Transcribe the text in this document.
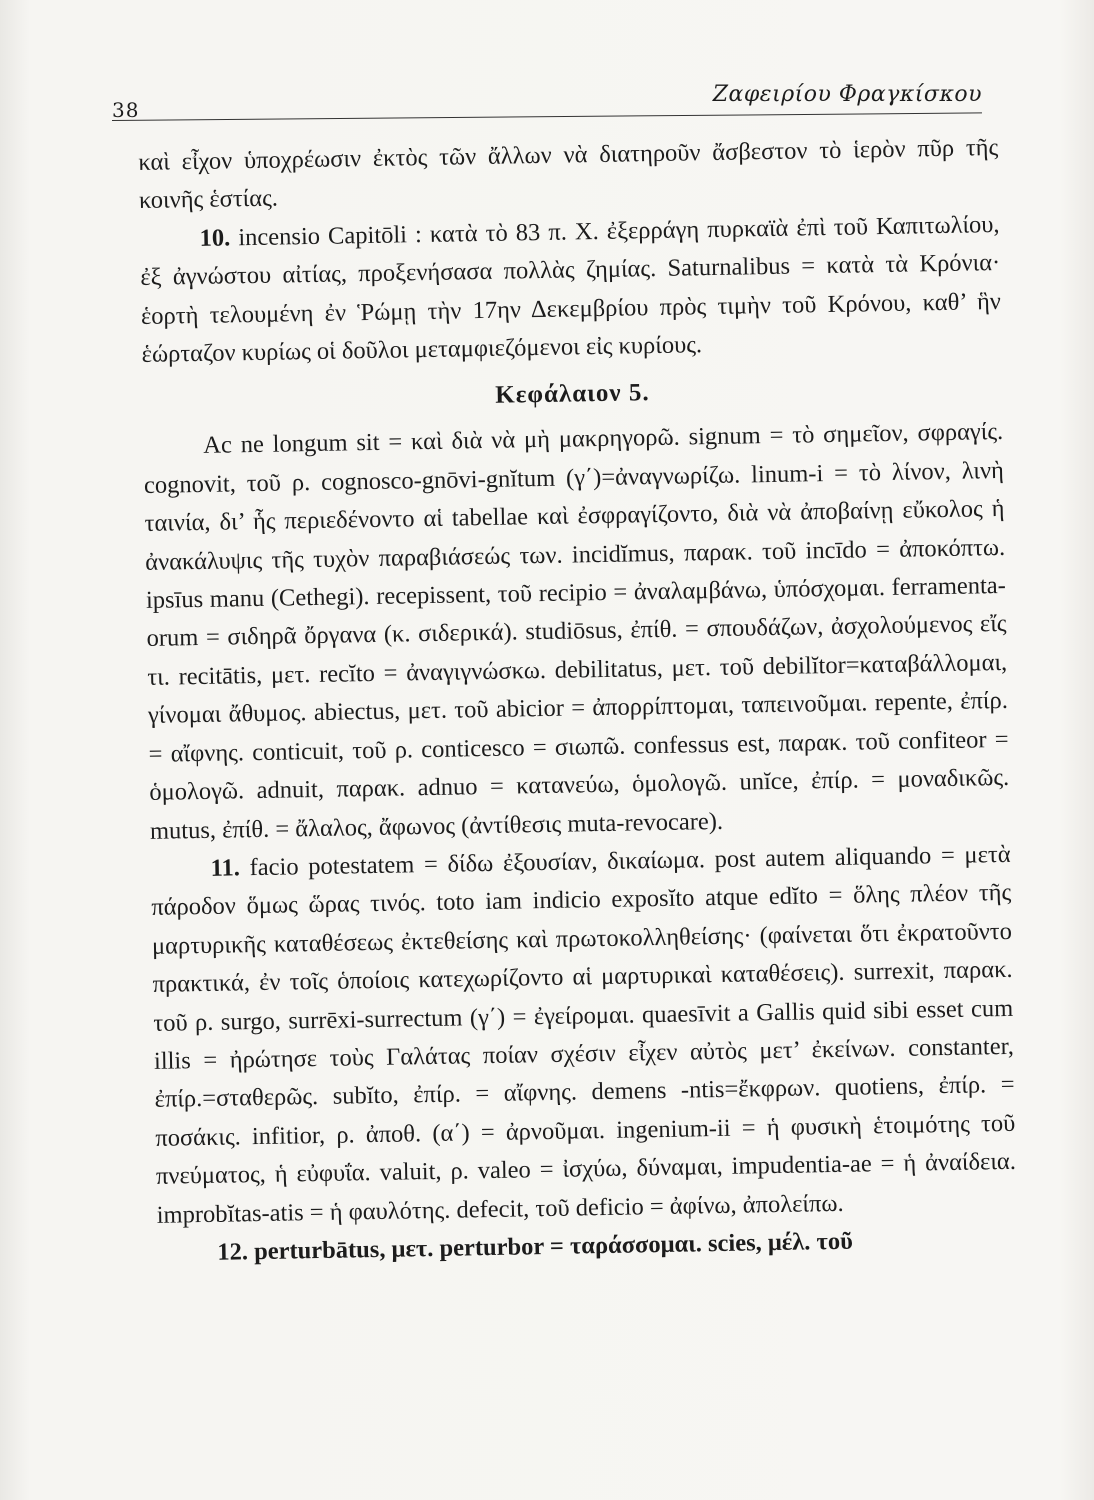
38
Ζαφειρίου Φραγκίσκου

καὶ εἶχον ὑποχρέωσιν ἐκτὸς τῶν ἄλλων νὰ διατηροῦν ἄσβεστον τὸ ἱερὸν πῦρ τῆς κοινῆς ἑστίας.

10. incensio Capitōli : κατὰ τὸ 83 π. Χ. ἐξερράγη πυρκαϊὰ ἐπὶ τοῦ Καπιτωλίου, ἐξ ἀγνώστου αἰτίας, προξενήσασα πολλὰς ζημίας. Saturnalibus = κατὰ τὰ Κρόνια· ἑορτὴ τελουμένη ἐν Ῥώμῃ τὴν 17ην Δεκεμβρίου πρὸς τιμὴν τοῦ Κρόνου, καθ’ ἣν ἑώρταζον κυρίως οἱ δοῦλοι μεταμφιεζόμενοι εἰς κυρίους.

Κεφάλαιον 5.

Ac ne longum sit = καὶ διὰ νὰ μὴ μακρηγορῶ. signum = τὸ σημεῖον, σφραγίς. cognovit, τοῦ ρ. cognosco-gnōvi-gnĭtum (γ΄)=ἀναγνωρίζω. linum-i = τὸ λίνον, λινὴ ταινία, δι’ ἧς περιεδένοντο αἱ tabellae καὶ ἐσφραγίζοντο, διὰ νὰ ἀποβαίνῃ εὔκολος ἡ ἀνακάλυψις τῆς τυχὸν παραβιάσεώς των. incidĭmus, παρακ. τοῦ incīdo = ἀποκόπτω. ipsīus manu (Cethegi). recepissent, τοῦ recipio = ἀναλαμβάνω, ὑπόσχομαι. ferramenta-orum = σιδηρᾶ ὄργανα (κ. σιδερικά). studiōsus, ἐπίθ. = σπουδάζων, ἀσχολούμενος εἴς τι. recitātis, μετ. recĭto = ἀναγιγνώσκω. debilitatus, μετ. τοῦ debilĭtor=καταβάλλομαι, γίνομαι ἄθυμος. abiectus, μετ. τοῦ abicior = ἀπορρίπτομαι, ταπεινοῦμαι. repente, ἐπίρ. = αἴφνης. conticuit, τοῦ ρ. conticesco = σιωπῶ. confessus est, παρακ. τοῦ confiteor = ὁμολογῶ. adnuit, παρακ. adnuo = κατανεύω, ὁμολογῶ. unĭce, ἐπίρ. = μοναδικῶς. mutus, ἐπίθ. = ἄλαλος, ἄφωνος (ἀντίθεσις muta-revocare).

11. facio potestatem = δίδω ἐξουσίαν, δικαίωμα. post autem aliquando = μετὰ πάροδον ὅμως ὥρας τινός. toto iam indicio exposĭto atque edĭto = ὅλης πλέον τῆς μαρτυρικῆς καταθέσεως ἐκτεθείσης καὶ πρωτοκολληθείσης· (φαίνεται ὅτι ἐκρατοῦντο πρακτικά, ἐν τοῖς ὁποίοις κατεχωρίζοντο αἱ μαρτυρικαὶ καταθέσεις). surrexit, παρακ. τοῦ ρ. surgo, surrēxi-surrectum (γ΄) = ἐγείρομαι. quaesīvit a Gallis quid sibi esset cum illis = ἠρώτησε τοὺς Γαλάτας ποίαν σχέσιν εἶχεν αὐτὸς μετ’ ἐκείνων. constanter, ἐπίρ.=σταθερῶς. subĭto, ἐπίρ. = αἴφνης. demens -ntis=ἔκφρων. quotiens, ἐπίρ. = ποσάκις. infitior, ρ. ἀποθ. (α΄) = ἀρνοῦμαι. ingenium-ii = ἡ φυσικὴ ἑτοιμότης τοῦ πνεύματος, ἡ εὐφυΐα. valuit, ρ. valeo = ἰσχύω, δύναμαι, impudentia-ae = ἡ ἀναίδεια. improbĭtas-atis = ἡ φαυλότης. defecit, τοῦ deficio = ἀφίνω, ἀπολείπω.

12. perturbātus, μετ. perturbor = ταράσσομαι. scies, μέλ. τοῦ
